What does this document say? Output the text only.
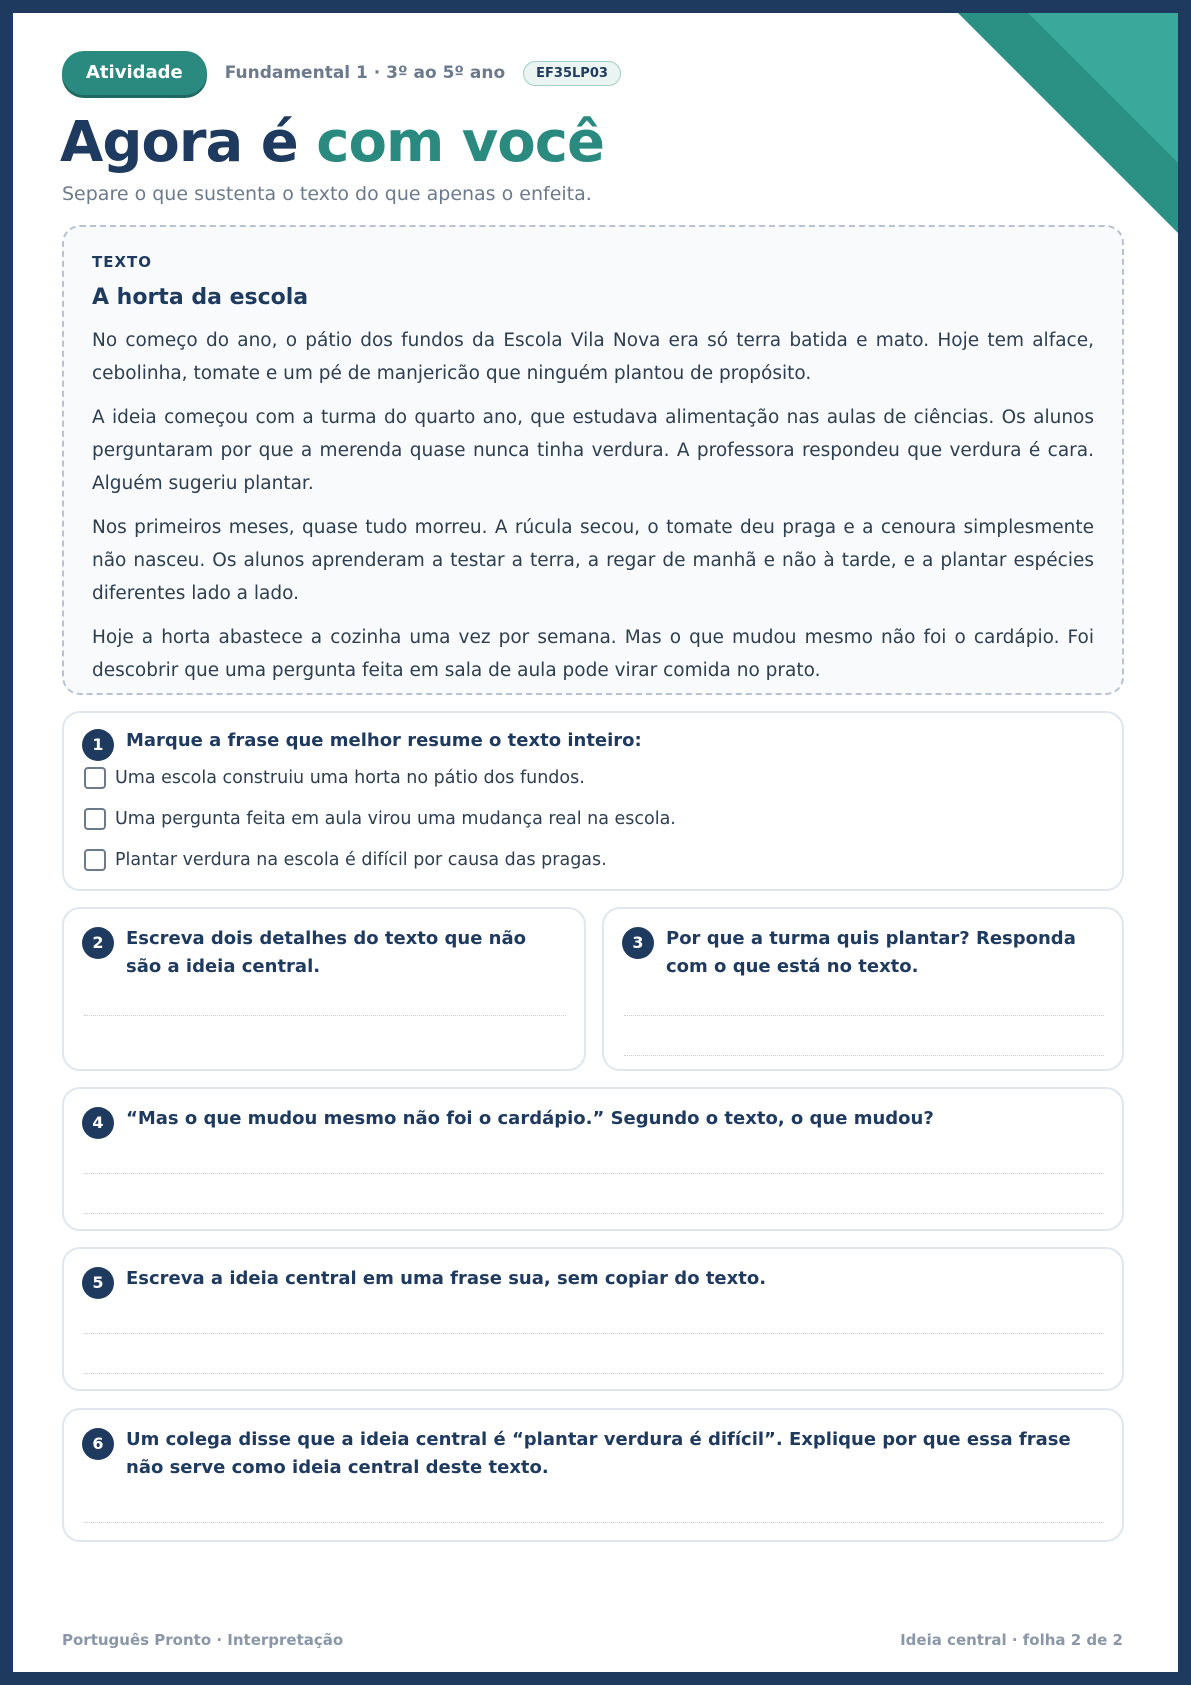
Atividade	Fundamental 1 · 3º ao 5º ano	EF35LP03
Agora é com você
Separe o que sustenta o texto do que apenas o enfeita.
TEXTO
A horta da escola

No começo do ano, o pátio dos fundos da Escola Vila Nova era só terra batida e mato. Hoje tem alface, cebolinha, tomate e um pé de manjericão que ninguém plantou de propósito.

A ideia começou com a turma do quarto ano, que estudava alimentação nas aulas de ciências. Os alunos perguntaram por que a merenda quase nunca tinha verdura. A professora respondeu que verdura é cara. Alguém sugeriu plantar.

Nos primeiros meses, quase tudo morreu. A rúcula secou, o tomate deu praga e a cenoura simplesmente não nasceu. Os alunos aprenderam a testar a terra, a regar de manhã e não à tarde, e a plantar espécies diferentes lado a lado.

Hoje a horta abastece a cozinha uma vez por semana. Mas o que mudou mesmo não foi o cardápio. Foi descobrir que uma pergunta feita em sala de aula pode virar comida no prato.

1	Marque a frase que melhor resume o texto inteiro:
Uma escola construiu uma horta no pátio dos fundos.
Uma pergunta feita em aula virou uma mudança real na escola.
Plantar verdura na escola é difícil por causa das pragas.
2	Escreva dois detalhes do texto que não são a ideia central.
3	Por que a turma quis plantar? Responda com o que está no texto.
4	“Mas o que mudou mesmo não foi o cardápio.” Segundo o texto, o que mudou?
5	Escreva a ideia central em uma frase sua, sem copiar do texto.
6	Um colega disse que a ideia central é “plantar verdura é difícil”. Explique por que essa frase não serve como ideia central deste texto.
Português Pronto · Interpretação	Ideia central · folha 2 de 2
